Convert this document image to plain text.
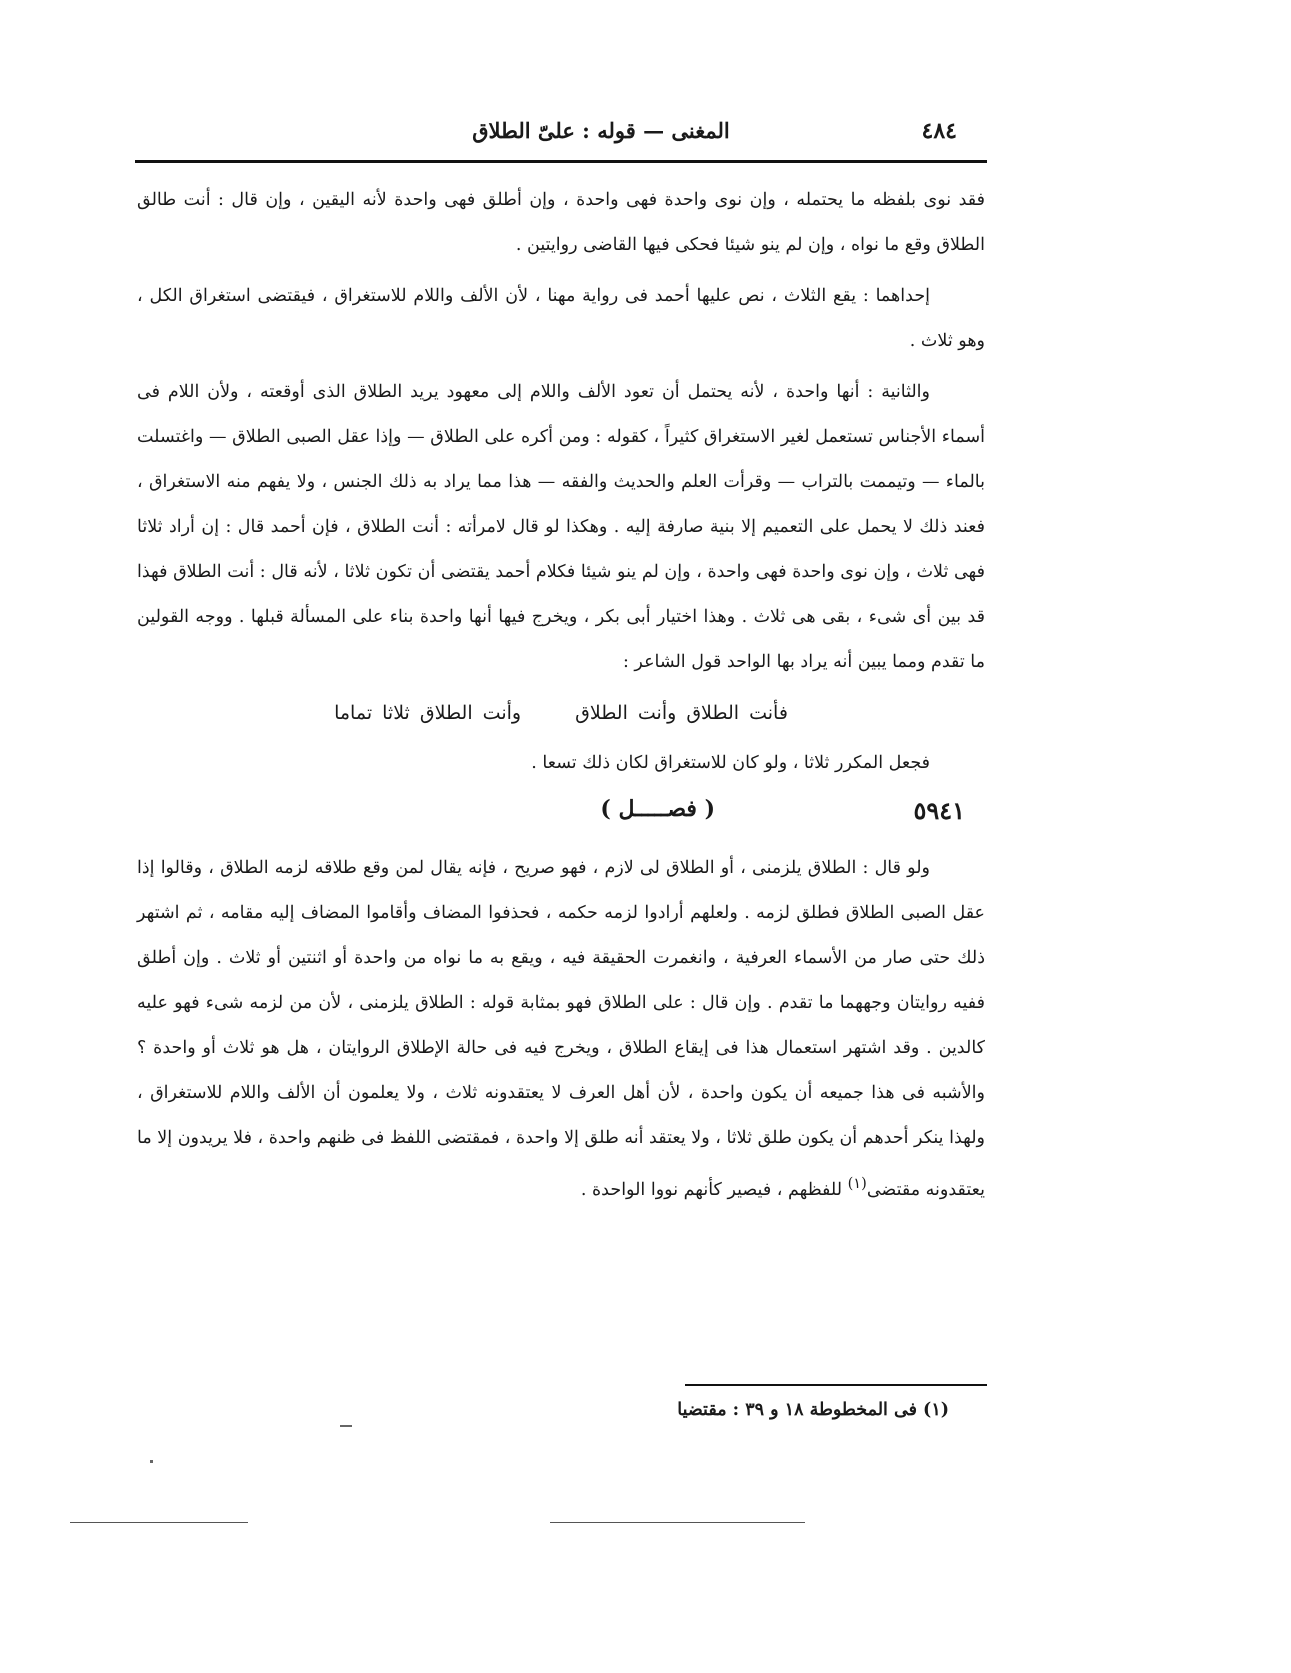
٤٨٤
المغنى — قوله : علىّ الطلاق

فقد نوى بلفظه ما يحتمله ، وإن نوى واحدة فهى واحدة ، وإن أطلق فهى واحدة لأنه اليقين ، وإن قال : أنت طالق الطلاق وقع ما نواه ، وإن لم ينو شيئا فحكى فيها القاضى روايتين .

إحداهما : يقع الثلاث ، نص عليها أحمد فى رواية مهنا ، لأن الألف واللام للاستغراق ، فيقتضى استغراق الكل ، وهو ثلاث .

والثانية : أنها واحدة ، لأنه يحتمل أن تعود الألف واللام إلى معهود يريد الطلاق الذى أوقعته ، ولأن اللام فى أسماء الأجناس تستعمل لغير الاستغراق كثيراً ، كقوله : ومن أكره على الطلاق — وإذا عقل الصبى الطلاق — واغتسلت بالماء — وتيممت بالتراب — وقرأت العلم والحديث والفقه — هذا مما يراد به ذلك الجنس ، ولا يفهم منه الاستغراق ، فعند ذلك لا يحمل على التعميم إلا بنية صارفة إليه . وهكذا لو قال لامرأته : أنت الطلاق ، فإن أحمد قال : إن أراد ثلاثا فهى ثلاث ، وإن نوى واحدة فهى واحدة ، وإن لم ينو شيئا فكلام أحمد يقتضى أن تكون ثلاثا ، لأنه قال : أنت الطلاق فهذا قد بين أى شىء ، بقى هى ثلاث . وهذا اختيار أبى بكر ، ويخرج فيها أنها واحدة بناء على المسألة قبلها . ووجه القولين ما تقدم ومما يبين أنه يراد بها الواحد قول الشاعر :

فأنت الطلاق وأنت الطلاق وأنت الطلاق ثلاثا تماما

فجعل المكرر ثلاثا ، ولو كان للاستغراق لكان ذلك تسعا .

٥٩٤١
( فصـــــل )

ولو قال : الطلاق يلزمنى ، أو الطلاق لى لازم ، فهو صريح ، فإنه يقال لمن وقع طلاقه لزمه الطلاق ، وقالوا إذا عقل الصبى الطلاق فطلق لزمه . ولعلهم أرادوا لزمه حكمه ، فحذفوا المضاف وأقاموا المضاف إليه مقامه ، ثم اشتهر ذلك حتى صار من الأسماء العرفية ، وانغمرت الحقيقة فيه ، ويقع به ما نواه من واحدة أو اثنتين أو ثلاث . وإن أطلق ففيه روايتان وجههما ما تقدم . وإن قال : على الطلاق فهو بمثابة قوله : الطلاق يلزمنى ، لأن من لزمه شىء فهو عليه كالدين . وقد اشتهر استعمال هذا فى إيقاع الطلاق ، ويخرج فيه فى حالة الإطلاق الروايتان ، هل هو ثلاث أو واحدة ؟ والأشبه فى هذا جميعه أن يكون واحدة ، لأن أهل العرف لا يعتقدونه ثلاث ، ولا يعلمون أن الألف واللام للاستغراق ، ولهذا ينكر أحدهم أن يكون طلق ثلاثا ، ولا يعتقد أنه طلق إلا واحدة ، فمقتضى اللفظ فى ظنهم واحدة ، فلا يريدون إلا ما يعتقدونه مقتضى$^{(١)}$ للفظهم ، فيصير كأنهم نووا الواحدة .

(١) فى المخطوطة ١٨ و ٣٩ : مقتضيا
